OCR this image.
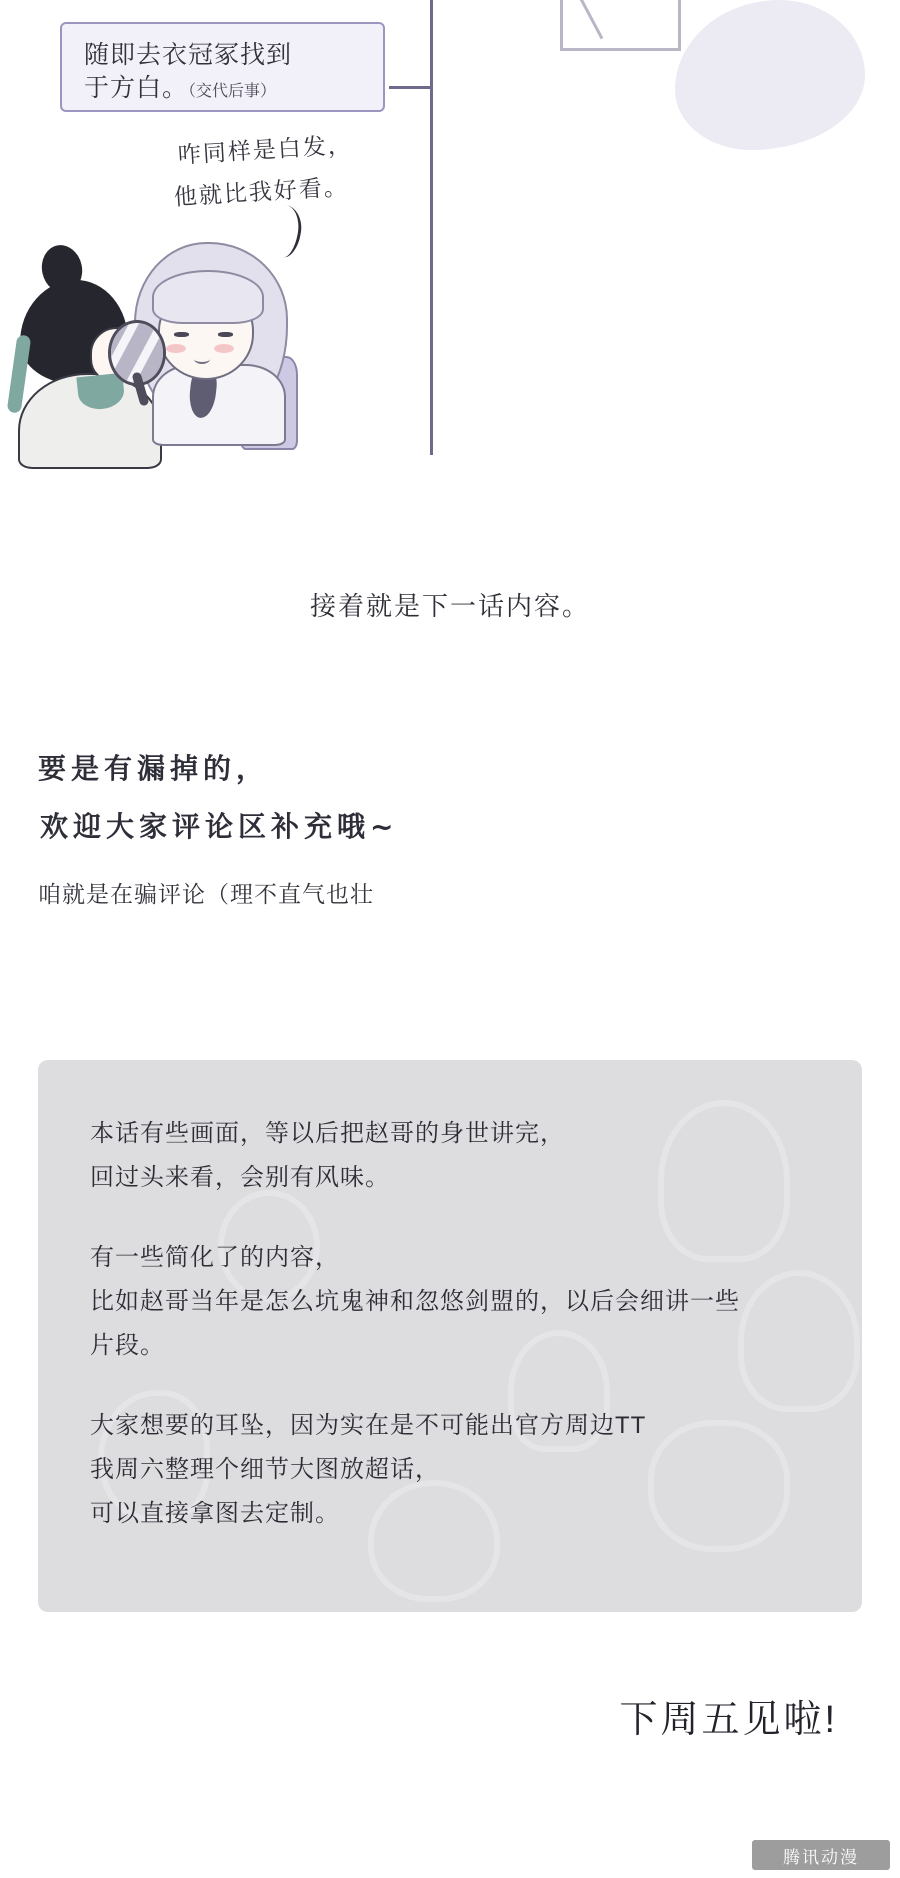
随即去衣冠冢找到
于方白。（交代后事）
咋同样是白发，
他就比我好看。
接着就是下一话内容。
要是有漏掉的，
欢迎大家评论区补充哦~
咱就是在骗评论（理不直气也壮

本话有些画面，等以后把赵哥的身世讲完，

回过头来看，会别有风味。

有一些简化了的内容，

比如赵哥当年是怎么坑鬼神和忽悠剑盟的，以后会细讲一些

片段。

大家想要的耳坠，因为实在是不可能出官方周边TT

我周六整理个细节大图放超话，

可以直接拿图去定制。

下周五见啦!
腾讯动漫
